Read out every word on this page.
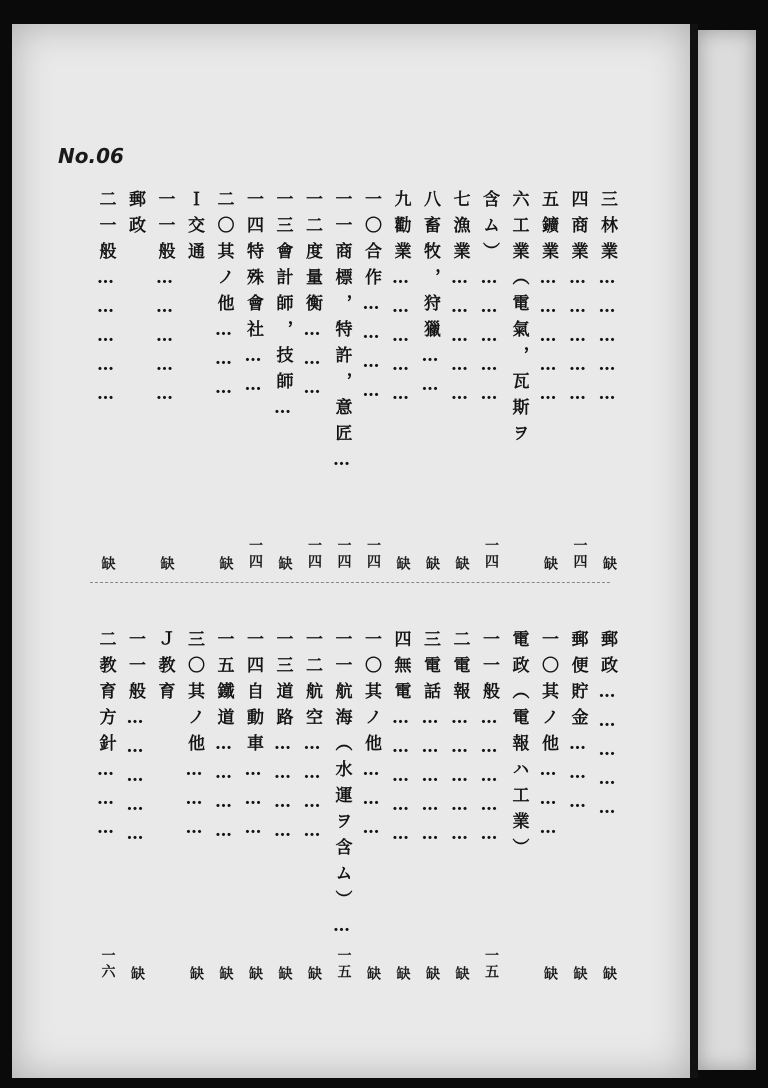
No.06
三林業……………
缺
四商業……………
一四
五鑛業……………
缺
六工業（電氣，瓦斯ヲ
含ム）……………
一四
七漁業……………
缺
八畜牧，狩獵……
缺
九勸業……………
缺
一〇合作…………
一四
一一商標，特許，意匠…
一四
一二度量衡………
一四
一三會計師，技師…
缺
一四特殊會社……
一四
二〇其ノ他………
缺
Ｉ交通
一一般……………
缺
郵政
二一般……………
缺
郵政……………
缺
郵便貯金………
缺
一〇其ノ他………
缺
電政（電報ハ工業）
一一般……………
一五
二電報……………
缺
三電話……………
缺
四無電……………
缺
一〇其ノ他………
缺
一一航海（水運ヲ含ム）…
一五
一二航空…………
缺
一三道路…………
缺
一四自動車………
缺
一五鐵道…………
缺
三〇其ノ他………
缺
Ｊ教育
一一般……………
缺
二教育方針………
一六
